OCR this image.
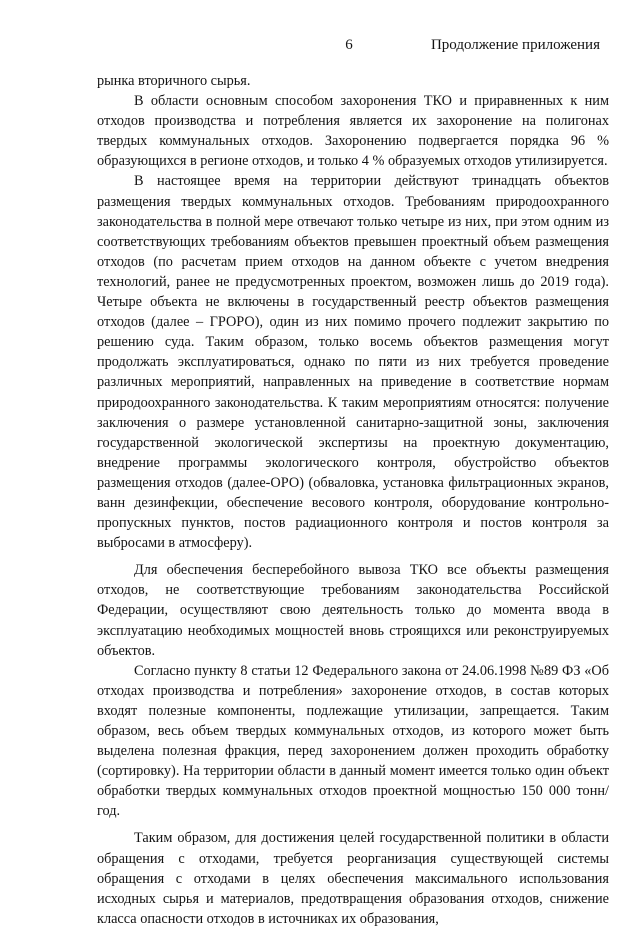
6	Продолжение приложения

рынка вторичного сырья.

В области основным способом захоронения ТКО и приравненных к ним отходов производства и потребления является их захоронение на полигонах твердых коммунальных отходов. Захоронению подвергается порядка 96 % образующихся в регионе отходов, и только 4 % образуемых отходов утилизируется.

В настоящее время на территории действуют тринадцать объектов размещения твердых коммунальных отходов. Требованиям природоохранного законодательства в полной мере отвечают только четыре из них, при этом одним из соответствующих требованиям объектов превышен проектный объем размещения отходов (по расчетам прием отходов на данном объекте с учетом внедрения технологий, ранее не предусмотренных проектом, возможен лишь до 2019 года). Четыре объекта не включены в государственный реестр объектов размещения отходов (далее – ГРОРО), один из них помимо прочего подлежит закрытию по решению суда. Таким образом, только восемь объектов размещения могут продолжать эксплуатироваться, однако по пяти из них требуется проведение различных мероприятий, направленных на приведение в соответствие нормам природоохранного законодательства. К таким мероприятиям относятся: получение заключения о размере установленной санитарно-защитной зоны, заключения государственной экологической экспертизы на проектную документацию, внедрение программы экологического контроля, обустройство объектов размещения отходов (далее-ОРО) (обваловка, установка фильтрационных экранов, ванн дезинфекции, обеспечение весового контроля, оборудование контрольно-пропускных пунктов, постов радиационного контроля и постов контроля за выбросами в атмосферу).

Для обеспечения бесперебойного вывоза ТКО все объекты размещения отходов, не соответствующие требованиям законодательства Российской Федерации, осуществляют свою деятельность только до момента ввода в эксплуатацию необходимых мощностей вновь строящихся или реконструируемых объектов.

Согласно пункту 8 статьи 12 Федерального закона от 24.06.1998 №89 ФЗ «Об отходах производства и потребления» захоронение отходов, в состав которых входят полезные компоненты, подлежащие утилизации, запрещается. Таким образом, весь объем твердых коммунальных отходов, из которого может быть выделена полезная фракция, перед захоронением должен проходить обработку (сортировку). На территории области в данный момент имеется только один объект обработки твердых коммунальных отходов проектной мощностью 150 000 тонн/год.

Таким образом, для достижения целей государственной политики в области обращения с отходами, требуется реорганизация существующей системы обращения с отходами в целях обеспечения максимального использования исходных сырья и материалов, предотвращения образования отходов, снижение класса опасности отходов в источниках их образования,
